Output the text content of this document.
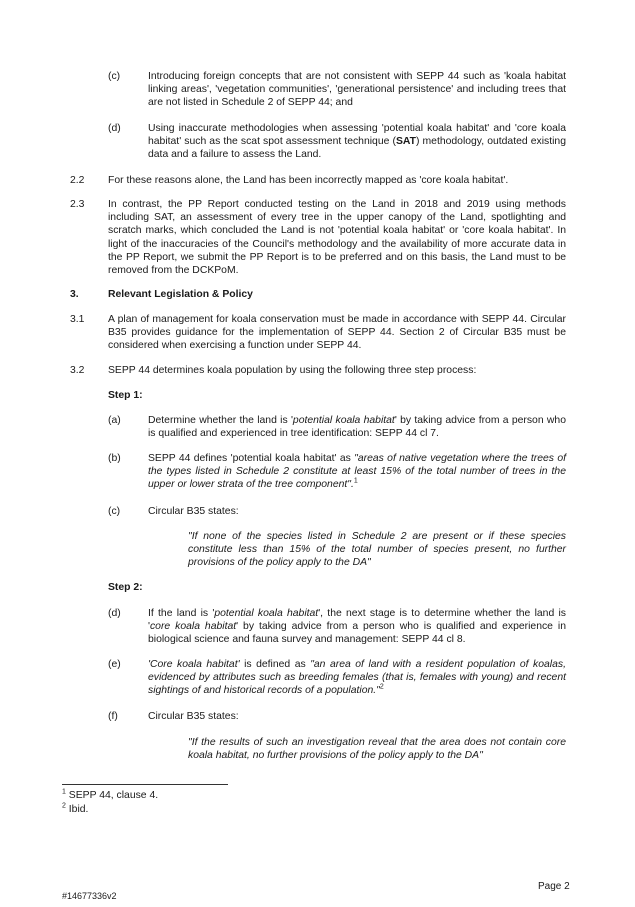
(c)	Introducing foreign concepts that are not consistent with SEPP 44 such as 'koala habitat linking areas', 'vegetation communities', 'generational persistence' and including trees that are not listed in Schedule 2 of SEPP 44; and
(d)	Using inaccurate methodologies when assessing 'potential koala habitat' and 'core koala habitat' such as the scat spot assessment technique (SAT) methodology, outdated existing data and a failure to assess the Land.
2.2 For these reasons alone, the Land has been incorrectly mapped as 'core koala habitat'.
2.3 In contrast, the PP Report conducted testing on the Land in 2018 and 2019 using methods including SAT, an assessment of every tree in the upper canopy of the Land, spotlighting and scratch marks, which concluded the Land is not 'potential koala habitat' or 'core koala habitat'. In light of the inaccuracies of the Council's methodology and the availability of more accurate data in the PP Report, we submit the PP Report is to be preferred and on this basis, the Land must to be removed from the DCKPoM.
3.	Relevant Legislation & Policy
3.1 A plan of management for koala conservation must be made in accordance with SEPP 44. Circular B35 provides guidance for the implementation of SEPP 44. Section 2 of Circular B35 must be considered when exercising a function under SEPP 44.
3.2 SEPP 44 determines koala population by using the following three step process:
Step 1:
(a)	Determine whether the land is 'potential koala habitat' by taking advice from a person who is qualified and experienced in tree identification: SEPP 44 cl 7.
(b)	SEPP 44 defines 'potential koala habitat' as "areas of native vegetation where the trees of the types listed in Schedule 2 constitute at least 15% of the total number of trees in the upper or lower strata of the tree component".$^1$
(c)	Circular B35 states:
"If none of the species listed in Schedule 2 are present or if these species constitute less than 15% of the total number of species present, no further provisions of the policy apply to the DA"
Step 2:
(d)	If the land is 'potential koala habitat', the next stage is to determine whether the land is 'core koala habitat' by taking advice from a person who is qualified and experience in biological science and fauna survey and management: SEPP 44 cl 8.
(e)	'Core koala habitat' is defined as "an area of land with a resident population of koalas, evidenced by attributes such as breeding females (that is, females with young) and recent sightings of and historical records of a population."$^2$
(f)	Circular B35 states:
"If the results of such an investigation reveal that the area does not contain core koala habitat, no further provisions of the policy apply to the DA"
$^1$ SEPP 44, clause 4.
$^2$ Ibid.
#14677336v2
Page 2
